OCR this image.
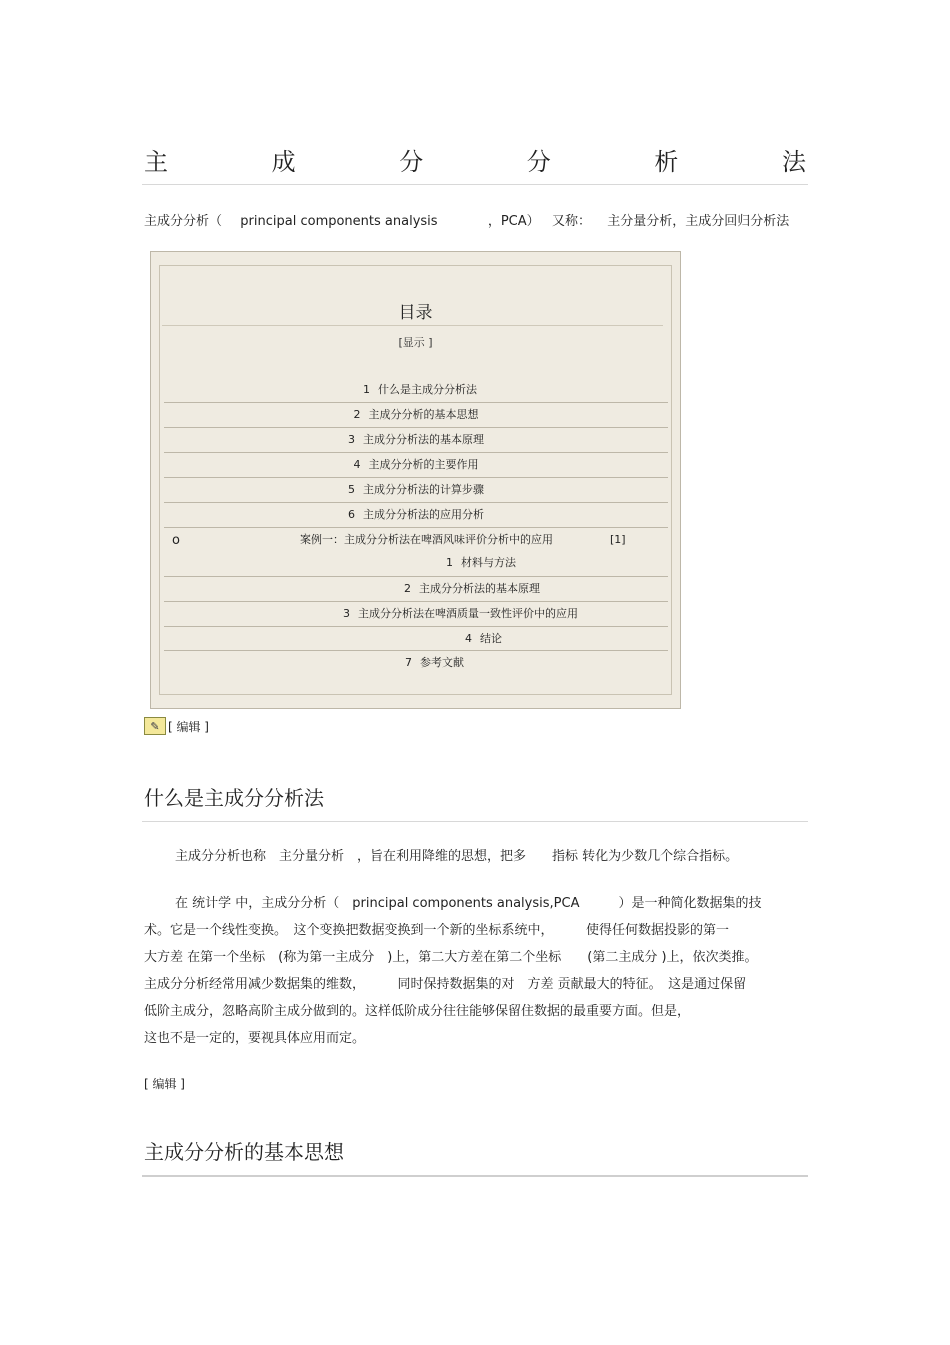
主	成	分	分	析	法
主成分分析（ principal components analysis	，PCA） 又称： 主分量分析，主成分回归分析法
目录
[显示 ]
1 什么是主成分分析法
2 主成分分析的基本思想
3 主成分分析法的基本原理
4 主成分分析的主要作用
5 主成分分析法的计算步骤
6 主成分分析法的应用分析
o	案例一：主成分分析法在啤酒风味评价分析中的应用	[1]
1 材料与方法
2 主成分分析法的基本原理
3 主成分分析法在啤酒质量一致性评价中的应用
4 结论
7 参考文献
✎ [ 编辑 ]
什么是主成分分析法

主成分分析也称　主分量分析　，旨在利用降维的思想，把多　　指标 转化为少数几个综合指标。

在 统计学 中，主成分分析（　principal components analysis,PCA　　　）是一种简化数据集的技

术。它是一个线性变换。　这个变换把数据变换到一个新的坐标系统中，　　　使得任何数据投影的第一

大方差 在第一个坐标　(称为第一主成分　)上，第二大方差在第二个坐标　　(第二主成分 )上，依次类推。

主成分分析经常用减少数据集的维数，　　　同时保持数据集的对　方差 贡献最大的特征。　这是通过保留

低阶主成分，忽略高阶主成分做到的。这样低阶成分往往能够保留住数据的最重要方面。但是，

这也不是一定的，要视具体应用而定。

[ 编辑 ]
主成分分析的基本思想
